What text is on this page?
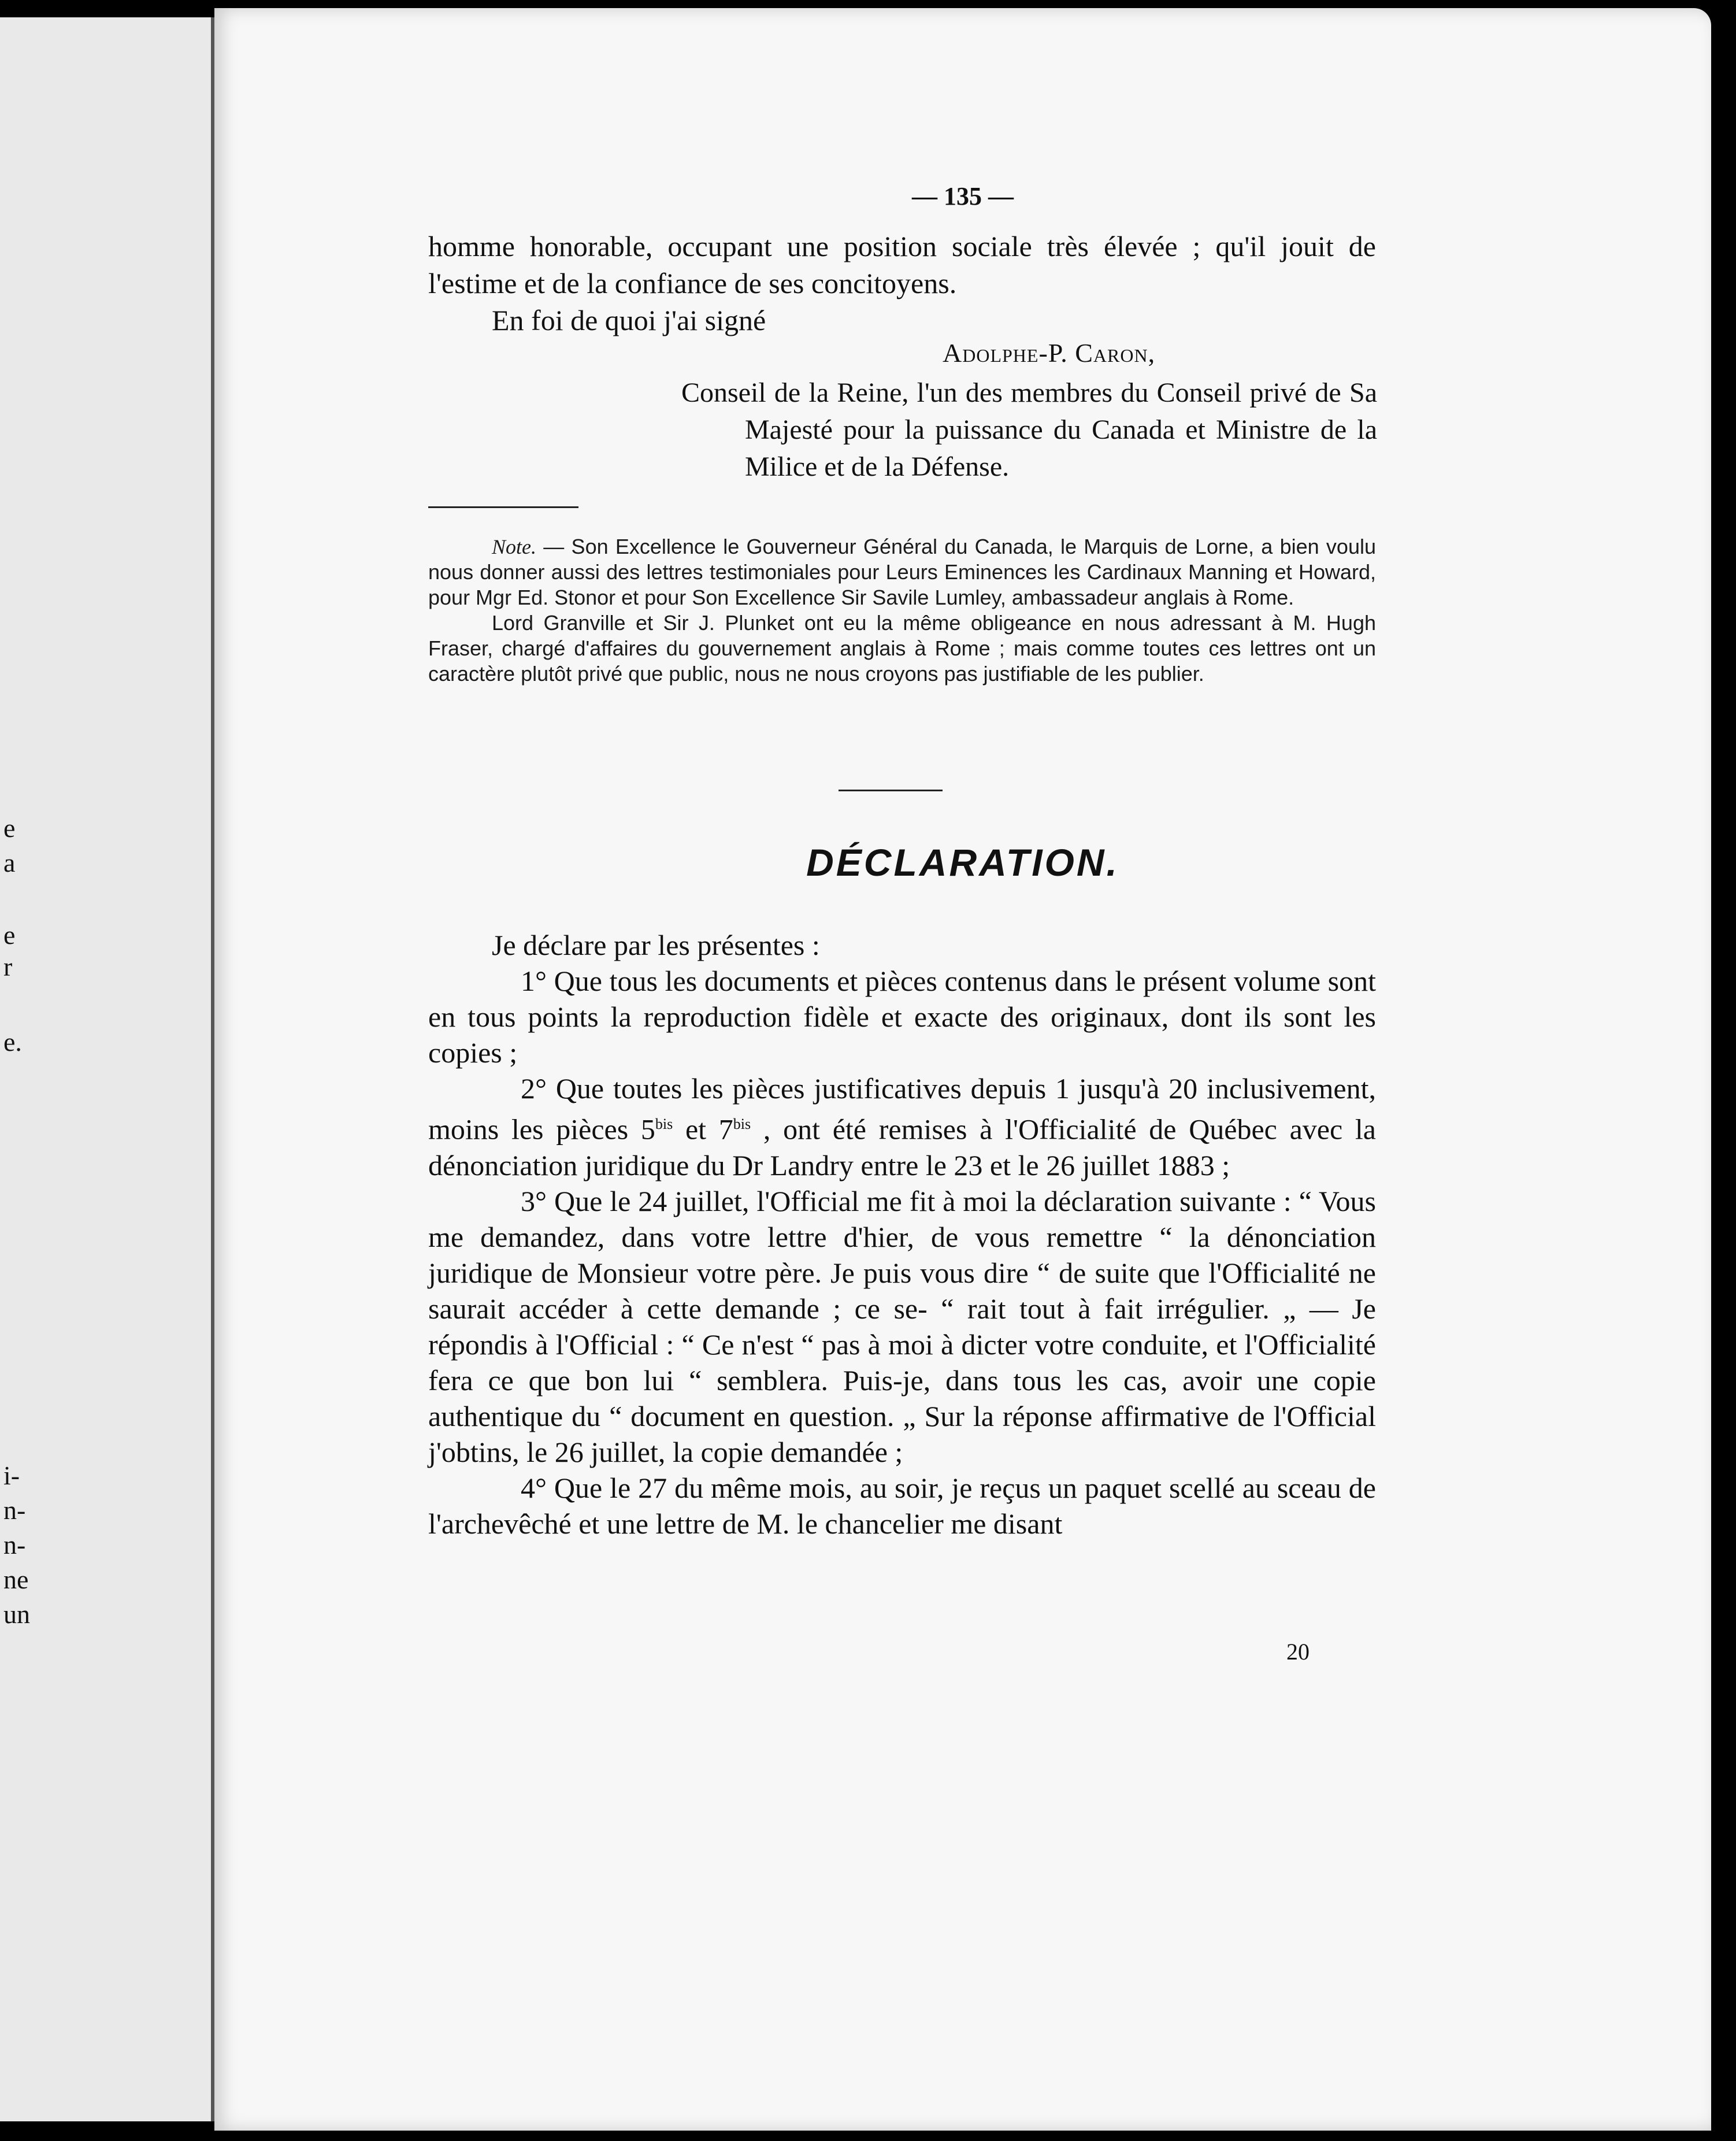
e
a
e
r
e.
i-
n-
n-
ne
un
— 135 —

homme honorable, occupant une position sociale très élevée ; qu'il jouit de l'estime et de la confiance de ses concitoyens.

En foi de quoi j'ai signé

Adolphe-P. Caron,
Conseil de la Reine, l'un des membres du Conseil privé de Sa Majesté pour la puissance du Canada et Ministre de la Milice et de la Défense.

Note. — Son Excellence le Gouverneur Général du Canada, le Marquis de Lorne, a bien voulu nous donner aussi des lettres testimoniales pour Leurs Eminences les Cardinaux Manning et Howard, pour Mgr Ed. Stonor et pour Son Excellence Sir Savile Lumley, ambassadeur anglais à Rome.

Lord Granville et Sir J. Plunket ont eu la même obligeance en nous adressant à M. Hugh Fraser, chargé d'affaires du gouvernement anglais à Rome ; mais comme toutes ces lettres ont un caractère plutôt privé que public, nous ne nous croyons pas justifiable de les publier.

DÉCLARATION.

Je déclare par les présentes :

1° Que tous les documents et pièces contenus dans le présent volume sont en tous points la reproduction fidèle et exacte des originaux, dont ils sont les copies ;

2° Que toutes les pièces justificatives depuis 1 jusqu'à 20 inclusivement, moins les pièces $5^{bis}$ et $7^{bis}$ , ont été remises à l'Officialité de Québec avec la dénonciation juridique du Dr Landry entre le 23 et le 26 juillet 1883 ;

3° Que le 24 juillet, l'Official me fit à moi la déclaration suivante : “ Vous me demandez, dans votre lettre d'hier, de vous remettre “ la dénonciation juridique de Monsieur votre père. Je puis vous dire “ de suite que l'Officialité ne saurait accéder à cette demande ; ce se- “ rait tout à fait irrégulier. „ — Je répondis à l'Official : “ Ce n'est “ pas à moi à dicter votre conduite, et l'Officialité fera ce que bon lui “ semblera. Puis-je, dans tous les cas, avoir une copie authentique du “ document en question. „ Sur la réponse affirmative de l'Official j'obtins, le 26 juillet, la copie demandée ;

4° Que le 27 du même mois, au soir, je reçus un paquet scellé au sceau de l'archevêché et une lettre de M. le chancelier me disant

20
